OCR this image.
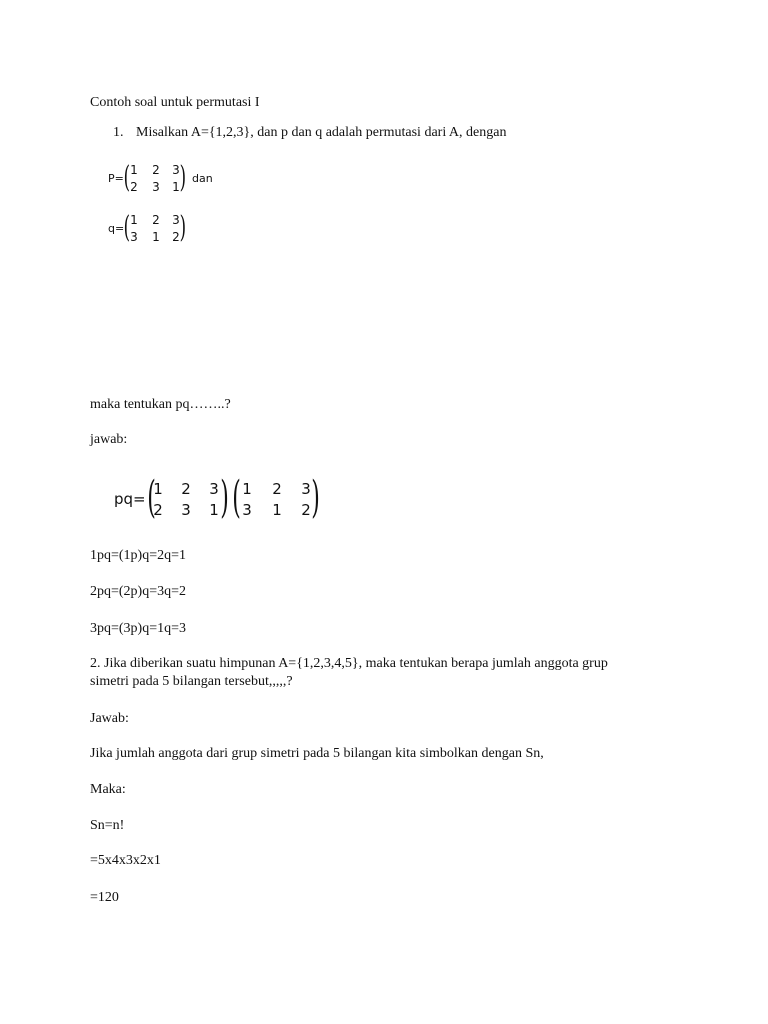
Contoh soal untuk permutasi I
1. Misalkan A={1,2,3}, dan p dan q adalah permutasi dari A, dengan
P= ( 1 2 3
2 3 1 ) dan
q= ( 1 2 3
3 1 2 )
maka tentukan pq……..?
jawab:
pq= (
1 2 3
2 3 1 ) ( 1 2 3
3 1 2 )
1pq=(1p)q=2q=1
2pq=(2p)q=3q=2
3pq=(3p)q=1q=3
2. Jika diberikan suatu himpunan A={1,2,3,4,5}, maka tentukan berapa jumlah anggota grup
simetri pada 5 bilangan tersebut,,,,,?
Jawab:
Jika jumlah anggota dari grup simetri pada 5 bilangan kita simbolkan dengan Sn,
Maka:
Sn=n!
=5x4x3x2x1
=120
